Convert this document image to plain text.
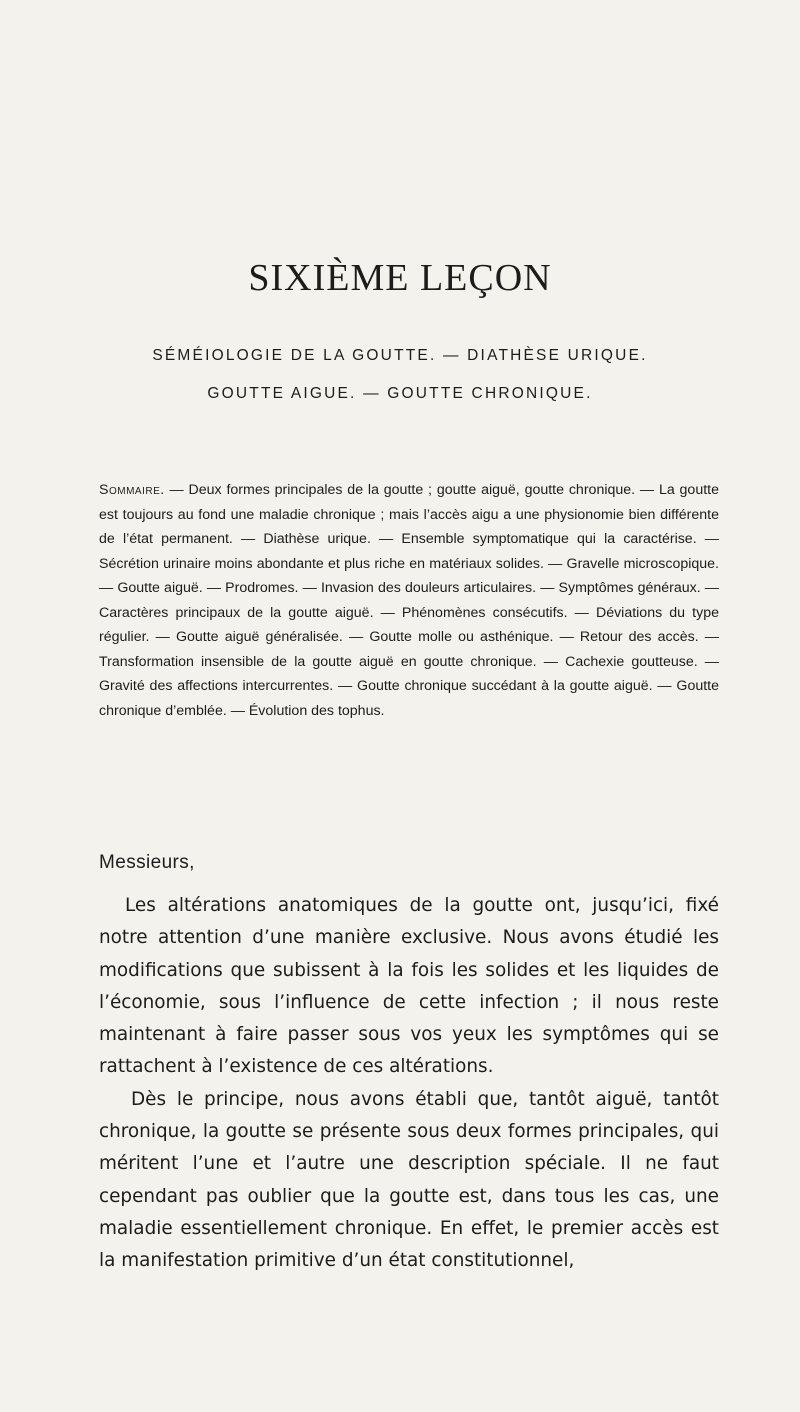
SIXIÈME LEÇON

SÉMÉIOLOGIE DE LA GOUTTE. — DIATHÈSE URIQUE.

GOUTTE AIGUE. — GOUTTE CHRONIQUE.

Sommaire. — Deux formes principales de la goutte ; goutte aiguë, goutte chronique. — La goutte est toujours au fond une maladie chronique ; mais l’accès aigu a une physionomie bien différente de l’état permanent. — Diathèse urique. — Ensemble symptomatique qui la caractérise. — Sécrétion urinaire moins abondante et plus riche en matériaux solides. — Gravelle microscopique. — Goutte aiguë. — Prodromes. — Invasion des douleurs articulaires. — Symptômes généraux. — Caractères principaux de la goutte aiguë. — Phénomènes consécutifs. — Déviations du type régulier. — Goutte aiguë généralisée. — Goutte molle ou asthénique. — Retour des accès. — Transformation insensible de la goutte aiguë en goutte chronique. — Cachexie goutteuse. — Gravité des affections intercurrentes. — Goutte chronique succédant à la goutte aiguë. — Goutte chronique d’emblée. — Évolution des tophus.

Messieurs,

Les altérations anatomiques de la goutte ont, jusqu’ici, fixé notre attention d’une manière exclusive. Nous avons étudié les modifications que subissent à la fois les solides et les liquides de l’économie, sous l’influence de cette infection ; il nous reste maintenant à faire passer sous vos yeux les symptômes qui se rattachent à l’existence de ces altérations.

Dès le principe, nous avons établi que, tantôt aiguë, tantôt chronique, la goutte se présente sous deux formes principales, qui méritent l’une et l’autre une description spéciale. Il ne faut cependant pas oublier que la goutte est, dans tous les cas, une maladie essentiellement chronique. En effet, le premier accès est la manifestation primitive d’un état constitutionnel,
